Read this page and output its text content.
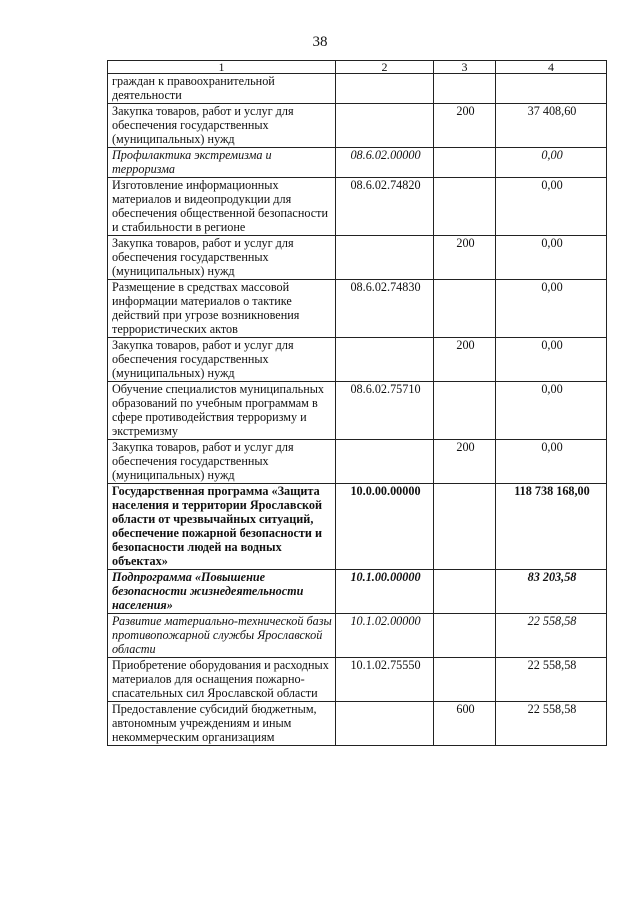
38
1	2	3	4
граждан к правоохранительной деятельности			
Закупка товаров, работ и услуг для обеспечения государственных (муниципальных) нужд		200	37 408,60
Профилактика экстремизма и терроризма	08.6.02.00000		0,00
Изготовление информационных материалов и видеопродукции для обеспечения общественной безопасности и стабильности в регионе	08.6.02.74820		0,00
Закупка товаров, работ и услуг для обеспечения государственных (муниципальных) нужд		200	0,00
Размещение в средствах массовой информации материалов о тактике действий при угрозе возникновения террористических актов	08.6.02.74830		0,00
Закупка товаров, работ и услуг для обеспечения государственных (муниципальных) нужд		200	0,00
Обучение специалистов муниципальных образований по учебным программам в сфере противодействия терроризму и экстремизму	08.6.02.75710		0,00
Закупка товаров, работ и услуг для обеспечения государственных (муниципальных) нужд		200	0,00
Государственная программа «Защита населения и территории Ярославской области от чрезвычайных ситуаций, обеспечение пожарной безопасности и безопасности людей на водных объектах»	10.0.00.00000		118 738 168,00
Подпрограмма «Повышение безопасности жизнедеятельности населения»	10.1.00.00000		83 203,58
Развитие материально-технической базы противопожарной службы Ярославской области	10.1.02.00000		22 558,58
Приобретение оборудования и расходных материалов для оснащения пожарно-спасательных сил Ярославской области	10.1.02.75550		22 558,58
Предоставление субсидий бюджетным, автономным учреждениям и иным некоммерческим организациям		600	22 558,58
